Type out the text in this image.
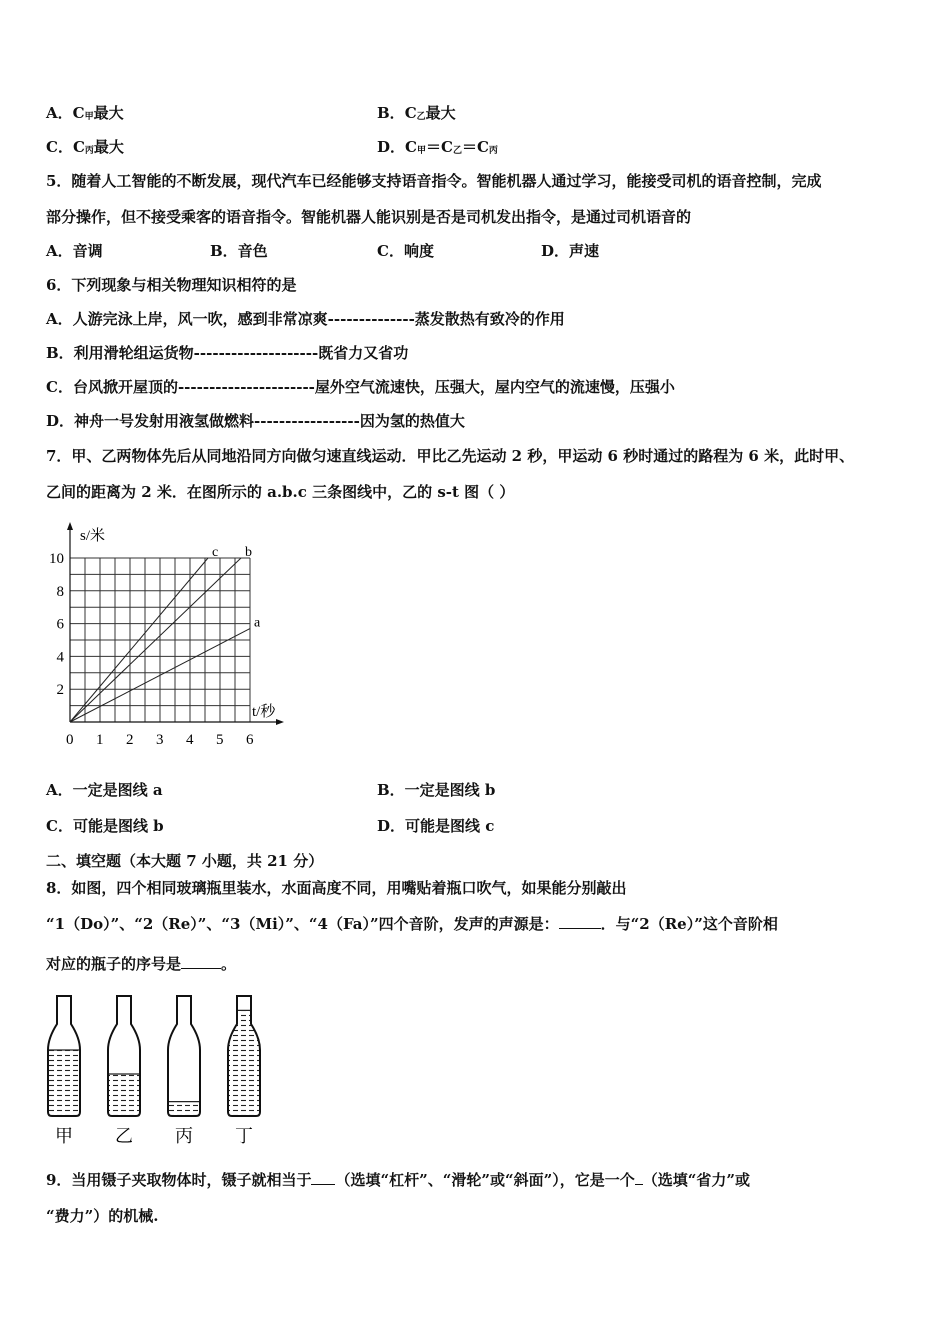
A．C甲最大	B．C乙最大
C．C丙最大	D．C甲＝C乙＝C丙
5．随着人工智能的不断发展，现代汽车已经能够支持语音指令。智能机器人通过学习，能接受司机的语音控制，完成
部分操作，但不接受乘客的语音指令。智能机器人能识别是否是司机发出指令，是通过司机语音的
A．音调	B．音色	C．响度	D．声速
6．下列现象与相关物理知识相符的是
A．人游完泳上岸，风一吹，感到非常凉爽--------------蒸发散热有致冷的作用
B．利用滑轮组运货物--------------------既省力又省功
C．台风掀开屋顶的----------------------屋外空气流速快，压强大，屋内空气的流速慢，压强小
D．神舟一号发射用液氢做燃料-----------------因为氢的热值大
7．甲、乙两物体先后从同地沿同方向做匀速直线运动．甲比乙先运动 2 秒，甲运动 6 秒时通过的路程为 6 米，此时甲、
乙间的距离为 2 米．在图所示的 a.b.c 三条图线中，乙的 s-t 图（ ）
a
b
c
0 1 2 3 4 5 6
2
4
6
8
10
t/秒
s/米
A．一定是图线 a	B．一定是图线 b
C．可能是图线 b	D．可能是图线 c
二、填空题（本大题 7 小题，共 21 分）
8．如图，四个相同玻璃瓶里装水，水面高度不同，用嘴贴着瓶口吹气，如果能分别敲出
“1（Do）”、“2（Re）”、“3（Mi）”、“4（Fa）”四个音阶，发声的声源是：	．与“2（Re）”这个音阶相
对应的瓶子的序号是	。
甲 乙 丙 丁
9．当用镊子夹取物体时，镊子就相当于 （选填“杠杆”、“滑轮”或“斜面”），它是一个 （选填“省力”或
“费力”）的机械.
